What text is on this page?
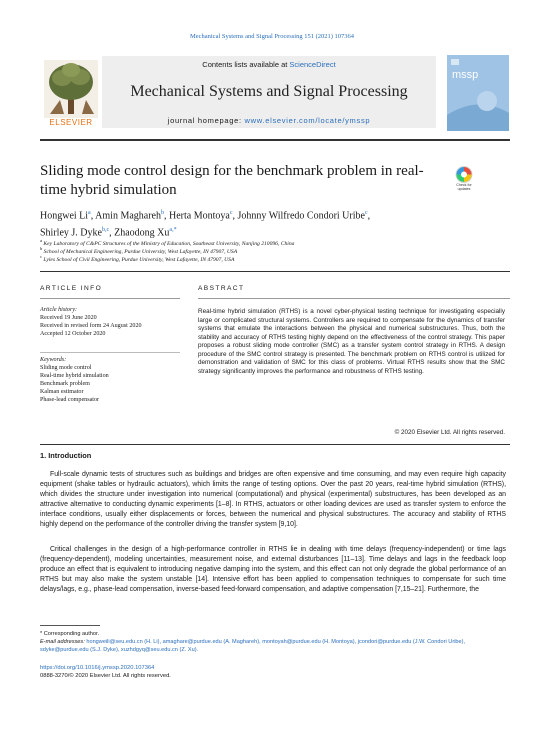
Mechanical Systems and Signal Processing 151 (2021) 107364
ELSEVIER
Contents lists available at ScienceDirect
Mechanical Systems and Signal Processing
journal homepage: www.elsevier.com/locate/ymssp
mssp
Sliding mode control design for the benchmark problem in real-time hybrid simulation	Check for updates
Hongwei Li$^a$, Amin Maghareh$^b$, Herta Montoya$^c$, Johnny Wilfredo Condori Uribe$^c$,
Shirley J. Dyke$^{b,c}$, Zhaodong $Xu^{a,*}$
$^a$ Key Laboratory of C&PC Structures of the Ministry of Education, Southeast University, Nanjing 210096, China
$^b$ School of Mechanical Engineering, Purdue University, West Lafayette, IN 47907, USA
$^c$ Lyles School of Civil Engineering, Purdue University, West Lafayette, IN 47907, USA
ARTICLE INFO	ABSTRACT
Article history:
Received 19 June 2020
Received in revised form 24 August 2020
Accepted 12 October 2020
Keywords:
Sliding mode control
Real-time hybrid simulation
Benchmark problem
Kalman estimator
Phase-lead compensator
Real-time hybrid simulation (RTHS) is a novel cyber-physical testing technique for investigating especially large or complicated structural systems. Controllers are required to compensate for the dynamics of transfer systems that emulate the interactions between the physical and numerical substructures. Thus, both the stability and accuracy of RTHS testing highly depend on the effectiveness of the control strategy. This paper proposes a robust sliding mode controller (SMC) as a transfer system control strategy in RTHS. A design procedure of the SMC control strategy is presented. The benchmark problem on RTHS control is utilized for demonstration and validation of SMC for this class of problems. Virtual RTHS results show that the SMC strategy significantly improves the performance and robustness of RTHS testing.
© 2020 Elsevier Ltd. All rights reserved.
1. Introduction
Full-scale dynamic tests of structures such as buildings and bridges are often expensive and time consuming, and may even require high capacity equipment (shake tables or hydraulic actuators), which limits the range of testing options. Over the past 20 years, real-time hybrid simulation (RTHS), which divides the structure under investigation into numerical (computational) and physical (experimental) substructures, has been developed as an attractive alternative to conducting dynamic experiments [1–8]. In RTHS, actuators or other loading devices are used as transfer system to enforce the interface conditions, usually either displacements or forces, between the numerical and physical substructures. The accuracy and stability of RTHS highly depend on the performance of the controller driving the transfer system [9,10].
Critical challenges in the design of a high-performance controller in RTHS lie in dealing with time delays (frequency-independent) or time lags (frequency-dependent), modeling uncertainties, measurement noise, and external disturbances [11–13]. Time delays and lags in the feedback loop produce an effect that is equivalent to introducing negative damping into the system, and this effect can not only degrade the global performance of an RTHS but may also make the system unstable [14]. Intensive effort has been applied to compensation techniques to compensate for such time delays/lags, e.g., phase-lead compensation, inverse-based feed-forward compensation, and adaptive compensation [7,15–21]. Furthermore, the
* Corresponding author.
E-mail addresses: hongweili@seu.edu.cn (H. Li), amaghare@purdue.edu (A. Maghareh), montoyah@purdue.edu (H. Montoya), jcondori@purdue.edu (J.W. Condori Uribe), sdyke@purdue.edu (S.J. Dyke), xuzhdgyq@seu.edu.cn (Z. Xu).
https://doi.org/10.1016/j.ymssp.2020.107364
0888-3270/© 2020 Elsevier Ltd. All rights reserved.
